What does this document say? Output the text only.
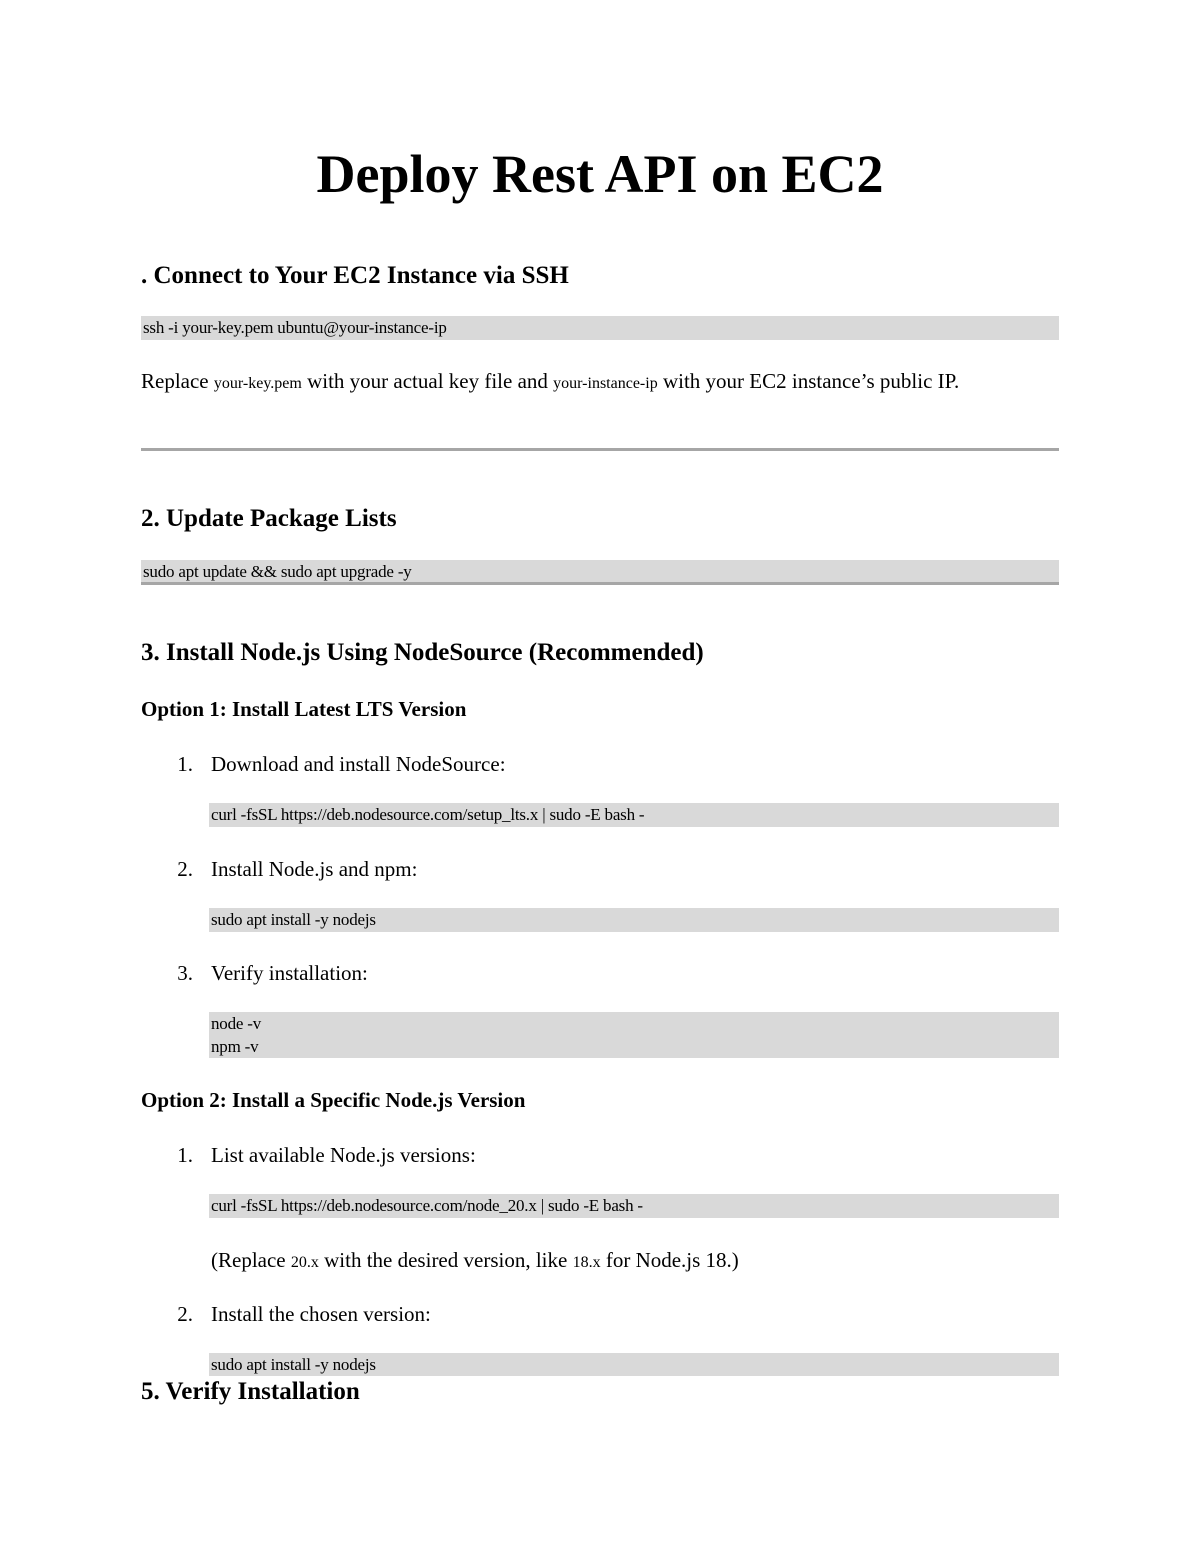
Deploy Rest API on EC2
. Connect to Your EC2 Instance via SSH
ssh -i your-key.pem ubuntu@your-instance-ip
Replace your-key.pem with your actual key file and your-instance-ip with your EC2 instance’s public IP.
2. Update Package Lists
sudo apt update && sudo apt upgrade -y
3. Install Node.js Using NodeSource (Recommended)
Option 1: Install Latest LTS Version
1. Download and install NodeSource:
curl -fsSL https://deb.nodesource.com/setup_lts.x | sudo -E bash -
2. Install Node.js and npm:
sudo apt install -y nodejs
3. Verify installation:
node -v
npm -v
Option 2: Install a Specific Node.js Version
1. List available Node.js versions:
curl -fsSL https://deb.nodesource.com/node_20.x | sudo -E bash -
(Replace 20.x with the desired version, like 18.x for Node.js 18.)
2. Install the chosen version:
sudo apt install -y nodejs
5. Verify Installation
